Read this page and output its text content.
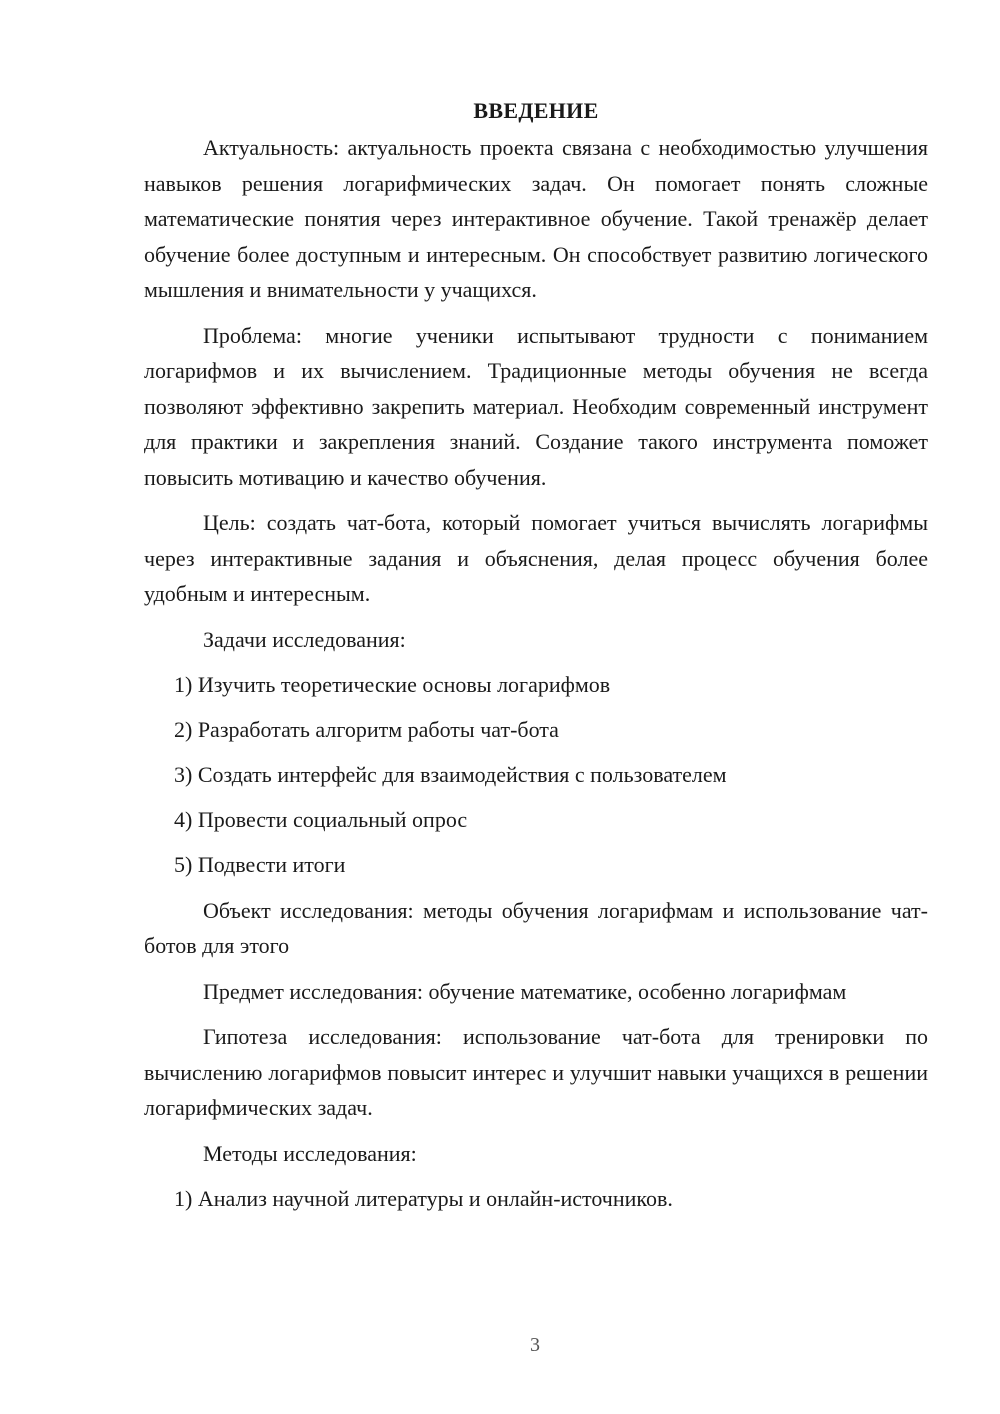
ВВЕДЕНИЕ

Актуальность: актуальность проекта связана с необходимостью улучшения навыков решения логарифмических задач. Он помогает понять сложные математические понятия через интерактивное обучение. Такой тренажёр делает обучение более доступным и интересным. Он способствует развитию логического мышления и внимательности у учащихся.

Проблема: многие ученики испытывают трудности с пониманием логарифмов и их вычислением. Традиционные методы обучения не всегда позволяют эффективно закрепить материал. Необходим современный инструмент для практики и закрепления знаний. Создание такого инструмента поможет повысить мотивацию и качество обучения.

Цель: создать чат-бота, который помогает учиться вычислять логарифмы через интерактивные задания и объяснения, делая процесс обучения более удобным и интересным.

Задачи исследования:

1) Изучить теоретические основы логарифмов
2) Разработать алгоритм работы чат-бота
3) Создать интерфейс для взаимодействия с пользователем
4) Провести социальный опрос
5) Подвести итоги

Объект исследования: методы обучения логарифмам и использование чат-ботов для этого

Предмет исследования: обучение математике, особенно логарифмам

Гипотеза исследования: использование чат-бота для тренировки по вычислению логарифмов повысит интерес и улучшит навыки учащихся в решении логарифмических задач.

Методы исследования:

1) Анализ научной литературы и онлайн-источников.
3
